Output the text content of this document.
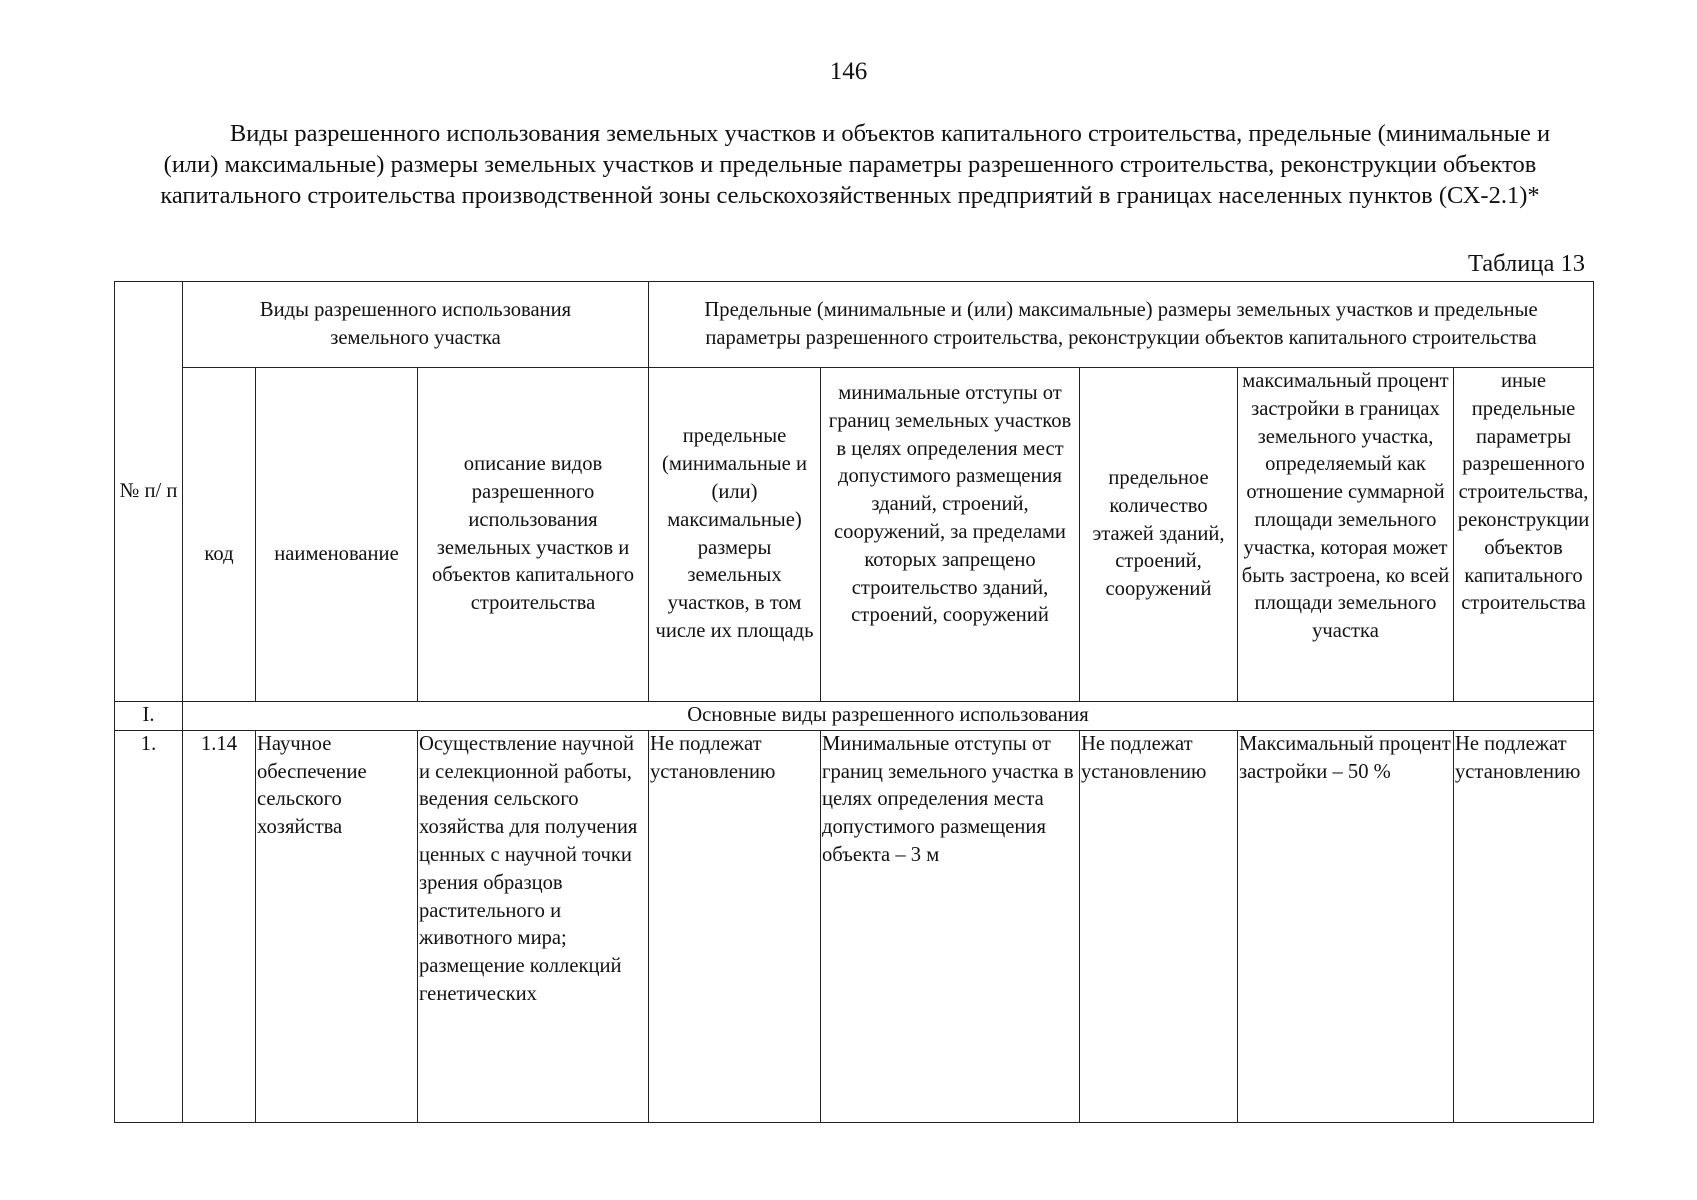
146
Виды разрешенного использования земельных участков и объектов капитального строительства, предельные (минимальные и (или) максимальные) размеры земельных участков и предельные параметры разрешенного строительства, реконструкции объектов капитального строительства производственной зоны сельскохозяйственных предприятий в границах населенных пунктов (СХ-2.1)*
Таблица 13
№ п/ п	Виды разрешенного использования земельного участка			Предельные (минимальные и (или) максимальные) размеры земельных участков и предельные параметры разрешенного строительства, реконструкции объектов капитального строительства				
	код	наименование	описание видов разрешенного использования земельных участков и объектов капитального строительства	предельные (минимальные и (или) максимальные) размеры земельных участков, в том числе их площадь	минимальные отступы от границ земельных участков в целях определения мест допустимого размещения зданий, строений, сооружений, за пределами которых запрещено строительство зданий, строений, сооружений	предельное количество этажей зданий, строений, сооружений	максимальный процент застройки в границах земельного участка, определяемый как отношение суммарной площади земельного участка, которая может быть застроена, ко всей площади земельного участка	иные предельные параметры разрешенного строительства, реконструкции объектов капитального строительства
I.	Основные виды разрешенного использования							
1.	1.14	Научное обеспечение сельского хозяйства	Осуществление научной и селекционной работы, ведения сельского хозяйства для получения ценных с научной точки зрения образцов растительного и животного мира; размещение коллекций генетических	Не подлежат установлению	Минимальные отступы от границ земельного участка в целях определения места допустимого размещения объекта – 3 м	Не подлежат установлению	Максимальный процент застройки – 50 %	Не подлежат установлению
